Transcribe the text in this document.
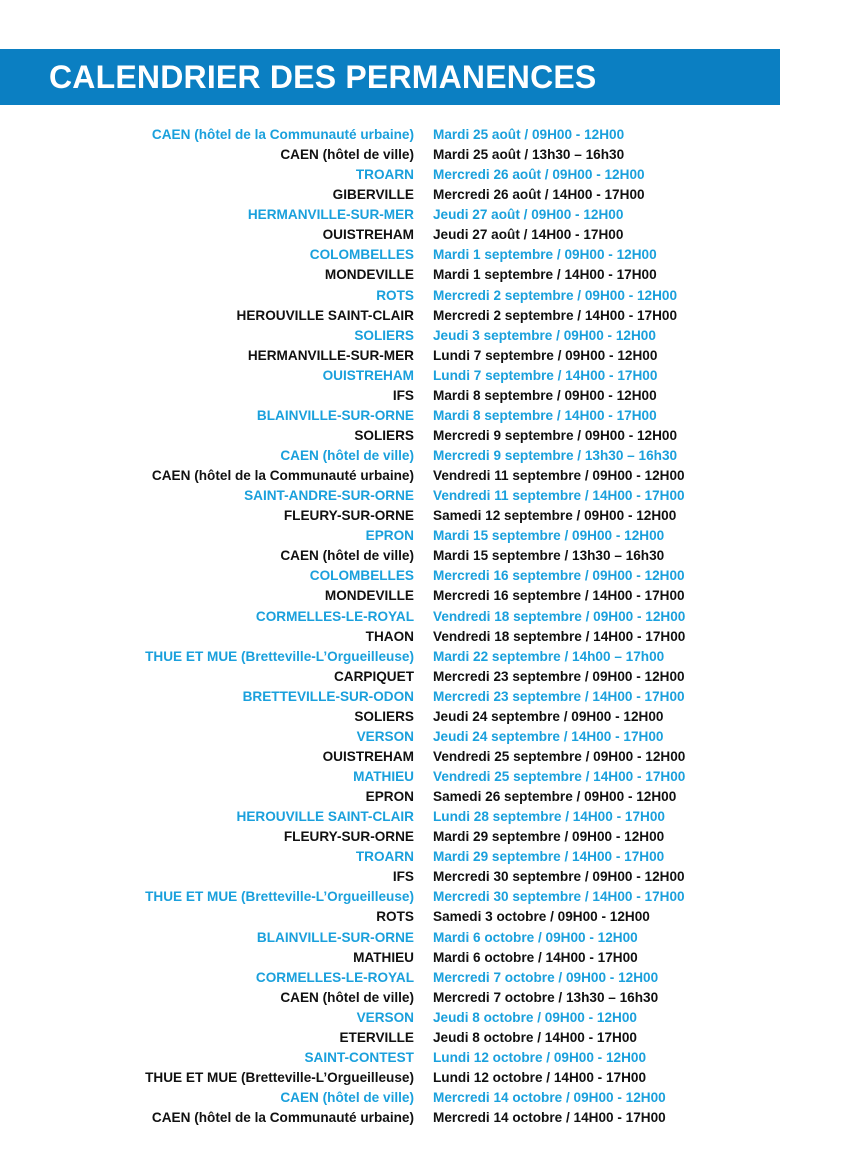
CALENDRIER DES PERMANENCES
CAEN (hôtel de la Communauté urbaine) Mardi 25 août / 09H00 - 12H00
CAEN (hôtel de ville) Mardi 25 août / 13h30 – 16h30
TROARN Mercredi 26 août / 09H00 - 12H00
GIBERVILLE Mercredi 26 août / 14H00 - 17H00
HERMANVILLE-SUR-MER Jeudi 27 août / 09H00 - 12H00
OUISTREHAM Jeudi 27 août / 14H00 - 17H00
COLOMBELLES Mardi 1 septembre / 09H00 - 12H00
MONDEVILLE Mardi 1 septembre / 14H00 - 17H00
ROTS Mercredi 2 septembre / 09H00 - 12H00
HEROUVILLE SAINT-CLAIR Mercredi 2 septembre / 14H00 - 17H00
SOLIERS Jeudi 3 septembre / 09H00 - 12H00
HERMANVILLE-SUR-MER Lundi 7 septembre / 09H00 - 12H00
OUISTREHAM Lundi 7 septembre / 14H00 - 17H00
IFS Mardi 8 septembre / 09H00 - 12H00
BLAINVILLE-SUR-ORNE Mardi 8 septembre / 14H00 - 17H00
SOLIERS Mercredi 9 septembre / 09H00 - 12H00
CAEN (hôtel de ville) Mercredi 9 septembre / 13h30 – 16h30
CAEN (hôtel de la Communauté urbaine) Vendredi 11 septembre / 09H00 - 12H00
SAINT-ANDRE-SUR-ORNE Vendredi 11 septembre / 14H00 - 17H00
FLEURY-SUR-ORNE Samedi 12 septembre / 09H00 - 12H00
EPRON Mardi 15 septembre / 09H00 - 12H00
CAEN (hôtel de ville) Mardi 15 septembre / 13h30 – 16h30
COLOMBELLES Mercredi 16 septembre / 09H00 - 12H00
MONDEVILLE Mercredi 16 septembre / 14H00 - 17H00
CORMELLES-LE-ROYAL Vendredi 18 septembre / 09H00 - 12H00
THAON Vendredi 18 septembre / 14H00 - 17H00
THUE ET MUE (Bretteville-L’Orgueilleuse) Mardi 22 septembre / 14h00 – 17h00
CARPIQUET Mercredi 23 septembre / 09H00 - 12H00
BRETTEVILLE-SUR-ODON Mercredi 23 septembre / 14H00 - 17H00
SOLIERS Jeudi 24 septembre / 09H00 - 12H00
VERSON Jeudi 24 septembre / 14H00 - 17H00
OUISTREHAM Vendredi 25 septembre / 09H00 - 12H00
MATHIEU Vendredi 25 septembre / 14H00 - 17H00
EPRON Samedi 26 septembre / 09H00 - 12H00
HEROUVILLE SAINT-CLAIR Lundi 28 septembre / 14H00 - 17H00
FLEURY-SUR-ORNE Mardi 29 septembre / 09H00 - 12H00
TROARN Mardi 29 septembre / 14H00 - 17H00
IFS Mercredi 30 septembre / 09H00 - 12H00
THUE ET MUE (Bretteville-L’Orgueilleuse) Mercredi 30 septembre / 14H00 - 17H00
ROTS Samedi 3 octobre / 09H00 - 12H00
BLAINVILLE-SUR-ORNE Mardi 6 octobre / 09H00 - 12H00
MATHIEU Mardi 6 octobre / 14H00 - 17H00
CORMELLES-LE-ROYAL Mercredi 7 octobre / 09H00 - 12H00
CAEN (hôtel de ville) Mercredi 7 octobre / 13h30 – 16h30
VERSON Jeudi 8 octobre / 09H00 - 12H00
ETERVILLE Jeudi 8 octobre / 14H00 - 17H00
SAINT-CONTEST Lundi 12 octobre / 09H00 - 12H00
THUE ET MUE (Bretteville-L’Orgueilleuse) Lundi 12 octobre / 14H00 - 17H00
CAEN (hôtel de ville) Mercredi 14 octobre / 09H00 - 12H00
CAEN (hôtel de la Communauté urbaine) Mercredi 14 octobre / 14H00 - 17H00
